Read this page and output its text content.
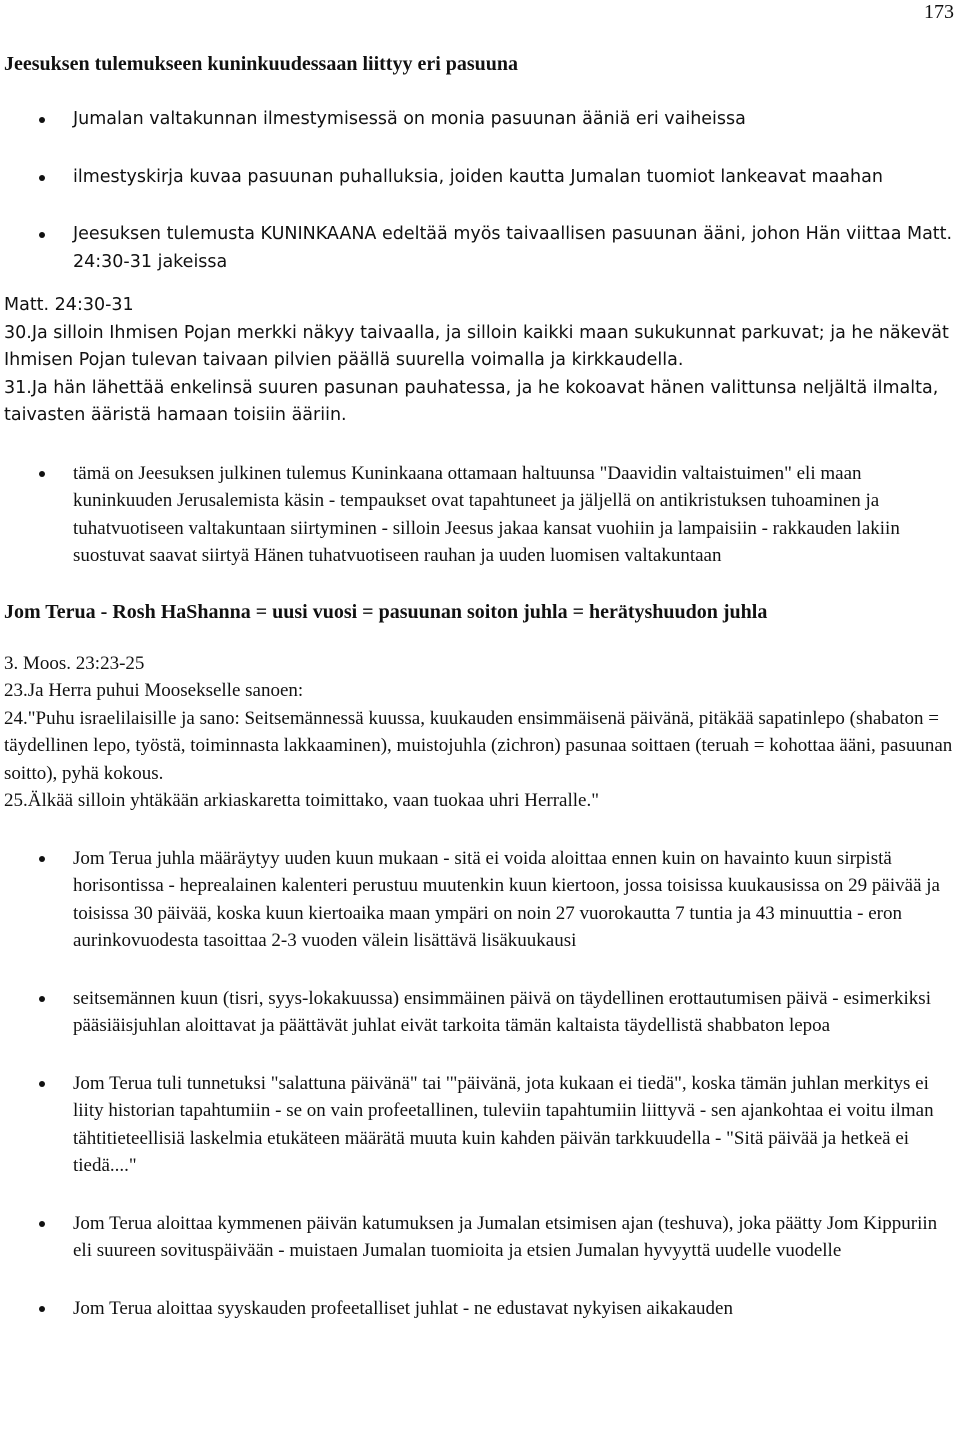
173
Jeesuksen tulemukseen kuninkuudessaan liittyy eri pasuuna
Jumalan valtakunnan ilmestymisessä on monia pasuunan ääniä eri vaiheissa
ilmestyskirja kuvaa pasuunan puhalluksia, joiden kautta Jumalan tuomiot lankeavat maahan
Jeesuksen tulemusta KUNINKAANA edeltää myös taivaallisen pasuunan ääni, johon Hän viittaa Matt. 24:30-31 jakeissa
Matt. 24:30-31
30.Ja silloin Ihmisen Pojan merkki näkyy taivaalla, ja silloin kaikki maan sukukunnat parkuvat; ja he näkevät Ihmisen Pojan tulevan taivaan pilvien päällä suurella voimalla ja kirkkaudella.
31.Ja hän lähettää enkelinsä suuren pasunan pauhatessa, ja he kokoavat hänen valittunsa neljältä ilmalta, taivasten ääristä hamaan toisiin ääriin.
tämä on Jeesuksen julkinen tulemus Kuninkaana ottamaan haltuunsa "Daavidin valtaistuimen" eli maan kuninkuuden Jerusalemista käsin - tempaukset ovat tapahtuneet ja jäljellä on antikristuksen tuhoaminen ja tuhatvuotiseen valtakuntaan siirtyminen - silloin Jeesus jakaa kansat vuohiin ja lampaisiin - rakkauden lakiin suostuvat saavat siirtyä Hänen tuhatvuotiseen rauhan ja uuden luomisen valtakuntaan
Jom Terua - Rosh HaShanna = uusi vuosi = pasuunan soiton juhla = herätyshuudon juhla
3. Moos. 23:23-25
23.Ja Herra puhui Moosekselle sanoen:
24."Puhu israelilaisille ja sano: Seitsemännessä kuussa, kuukauden ensimmäisenä päivänä, pitäkää sapatinlepo (shabaton = täydellinen lepo, työstä, toiminnasta lakkaaminen), muistojuhla (zichron) pasunaa soittaen (teruah = kohottaa ääni, pasuunan soitto), pyhä kokous.
25.Älkää silloin yhtäkään arkiaskaretta toimittako, vaan tuokaa uhri Herralle."
Jom Terua juhla määräytyy uuden kuun mukaan - sitä ei voida aloittaa ennen kuin on havainto kuun sirpistä horisontissa - heprealainen kalenteri perustuu muutenkin kuun kiertoon, jossa toisissa kuukausissa on 29 päivää ja toisissa 30 päivää, koska kuun kiertoaika maan ympäri on noin 27 vuorokautta 7 tuntia ja 43 minuuttia - eron aurinkovuodesta tasoittaa 2-3 vuoden välein lisättävä lisäkuukausi
seitsemännen kuun (tisri, syys-lokakuussa) ensimmäinen päivä on täydellinen erottautumisen päivä - esimerkiksi pääsiäisjuhlan aloittavat ja päättävät juhlat eivät tarkoita tämän kaltaista täydellistä shabbaton lepoa
Jom Terua tuli tunnetuksi "salattuna päivänä" tai '"päivänä, jota kukaan ei tiedä", koska tämän juhlan merkitys ei liity historian tapahtumiin - se on vain profeetallinen, tuleviin tapahtumiin liittyvä - sen ajankohtaa ei voitu ilman tähtitieteellisiä laskelmia etukäteen määrätä muuta kuin kahden päivän tarkkuudella - "Sitä päivää ja hetkeä ei tiedä...."
Jom Terua aloittaa kymmenen päivän katumuksen ja Jumalan etsimisen ajan (teshuva), joka päätty Jom Kippuriin eli suureen sovituspäivään - muistaen Jumalan tuomioita ja etsien Jumalan hyvyyttä uudelle vuodelle
Jom Terua aloittaa syyskauden profeetalliset juhlat - ne edustavat nykyisen aikakauden
